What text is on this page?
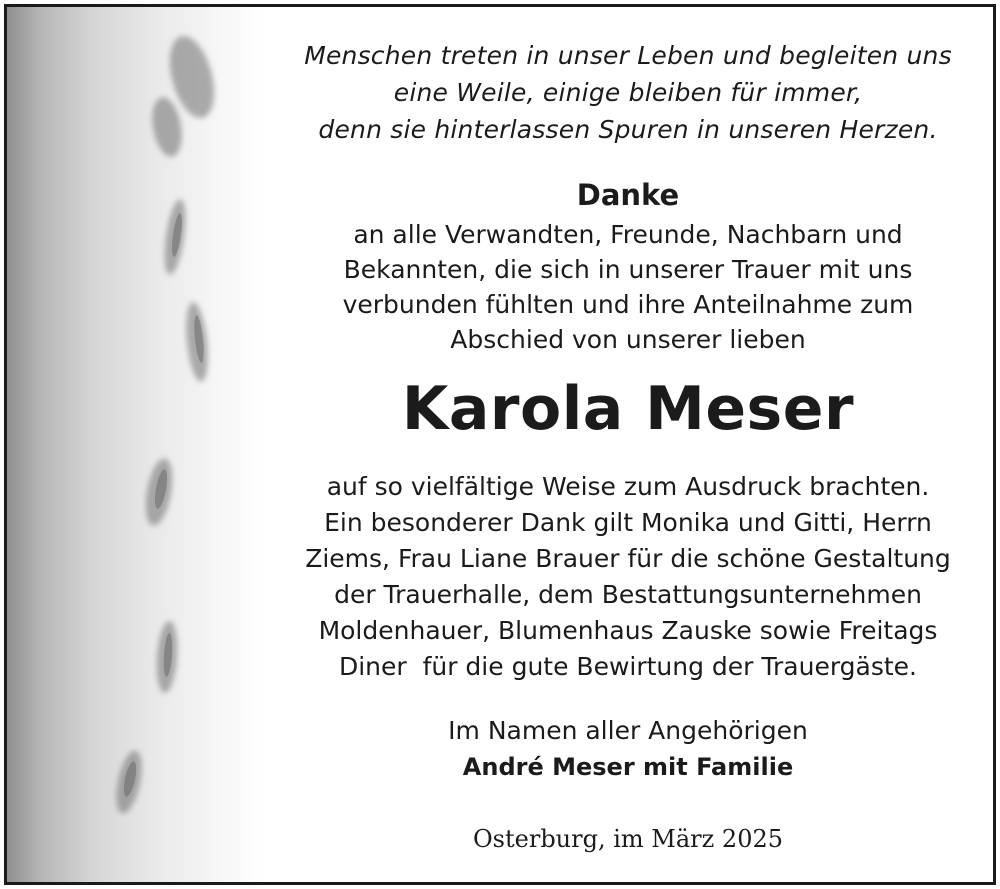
Menschen treten in unser Leben und begleiten uns
eine Weile, einige bleiben für immer,
denn sie hinterlassen Spuren in unseren Herzen.
Danke
an alle Verwandten, Freunde, Nachbarn und
Bekannten, die sich in unserer Trauer mit uns
verbunden fühlten und ihre Anteilnahme zum
Abschied von unserer lieben
Karola Meser
auf so vielfältige Weise zum Ausdruck brachten.
Ein besonderer Dank gilt Monika und Gitti, Herrn
Ziems, Frau Liane Brauer für die schöne Gestaltung
der Trauerhalle, dem Bestattungsunternehmen
Moldenhauer, Blumenhaus Zauske sowie Freitags
Diner  für die gute Bewirtung der Trauergäste.
Im Namen aller Angehörigen
André Meser mit Familie
Osterburg, im März 2025
